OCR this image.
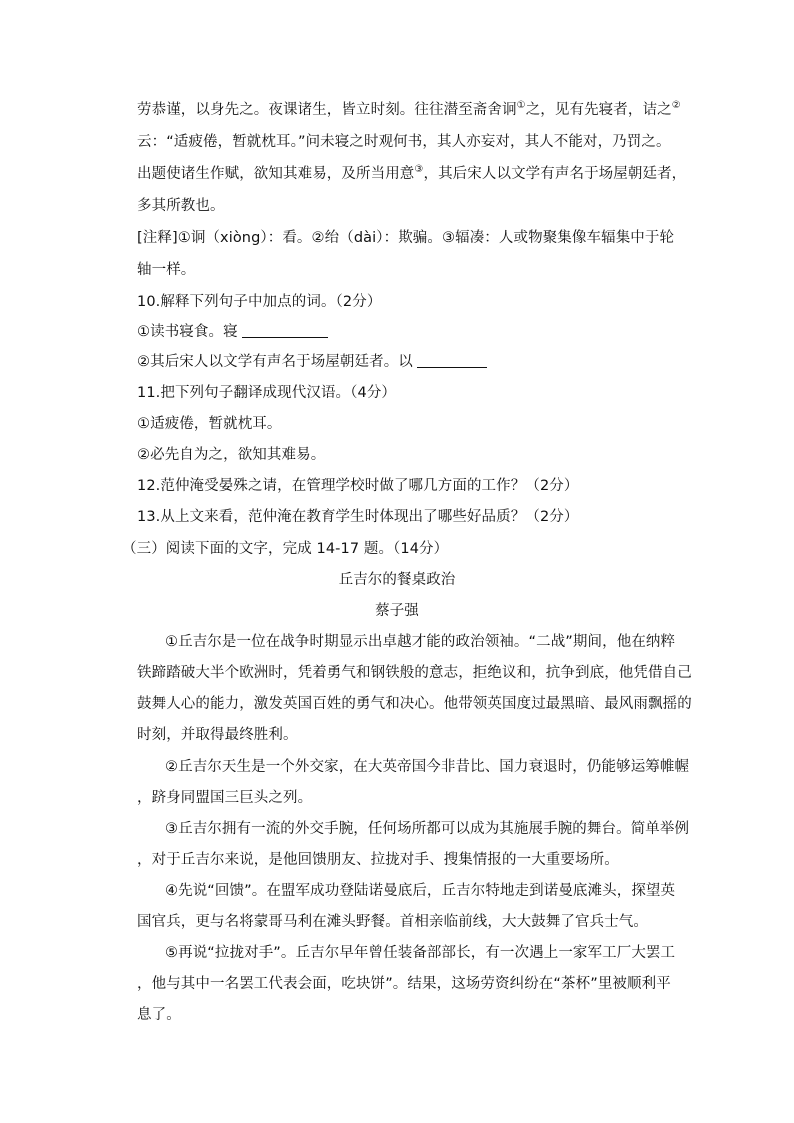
劳恭谨，以身先之。夜课诸生，皆立时刻。往往潜至斋舍诇①之，见有先寝者，诘之②
云：“适疲倦，暂就枕耳。”问未寝之时观何书，其人亦妄对，其人不能对，乃罚之。
出题使诸生作赋，欲知其难易，及所当用意③，其后宋人以文学有声名于场屋朝廷者，
多其所教也。
[注释]①诇（xiòng）：看。②绐（dài）：欺骗。③辐凑：人或物聚集像车辐集中于轮
轴一样。
10.解释下列句子中加点的词。（2分）
①读书寝食。寝
②其后宋人以文学有声名于场屋朝廷者。以
11.把下列句子翻译成现代汉语。（4分）
①适疲倦，暂就枕耳。
②必先自为之，欲知其难易。
12.范仲淹受晏殊之请，在管理学校时做了哪几方面的工作？（2分）
13.从上文来看，范仲淹在教育学生时体现出了哪些好品质？（2分）
（三）阅读下面的文字，完成 14-17 题。（14分）
丘吉尔的餐桌政治
蔡子强
①丘吉尔是一位在战争时期显示出卓越才能的政治领袖。“二战”期间，他在纳粹
铁蹄踏破大半个欧洲时，凭着勇气和钢铁般的意志，拒绝议和，抗争到底，他凭借自己
鼓舞人心的能力，激发英国百姓的勇气和决心。他带领英国度过最黑暗、最风雨飘摇的
时刻，并取得最终胜利。
②丘吉尔天生是一个外交家，在大英帝国今非昔比、国力衰退时，仍能够运筹帷幄
，跻身同盟国三巨头之列。
③丘吉尔拥有一流的外交手腕，任何场所都可以成为其施展手腕的舞台。简单举例
，对于丘吉尔来说，是他回馈朋友、拉拢对手、搜集情报的一大重要场所。
④先说“回馈”。在盟军成功登陆诺曼底后，丘吉尔特地走到诺曼底滩头，探望英
国官兵，更与名将蒙哥马利在滩头野餐。首相亲临前线，大大鼓舞了官兵士气。
⑤再说“拉拢对手”。丘吉尔早年曾任装备部部长，有一次遇上一家军工厂大罢工
，他与其中一名罢工代表会面，吃块饼”。结果，这场劳资纠纷在“茶杯”里被顺利平
息了。
